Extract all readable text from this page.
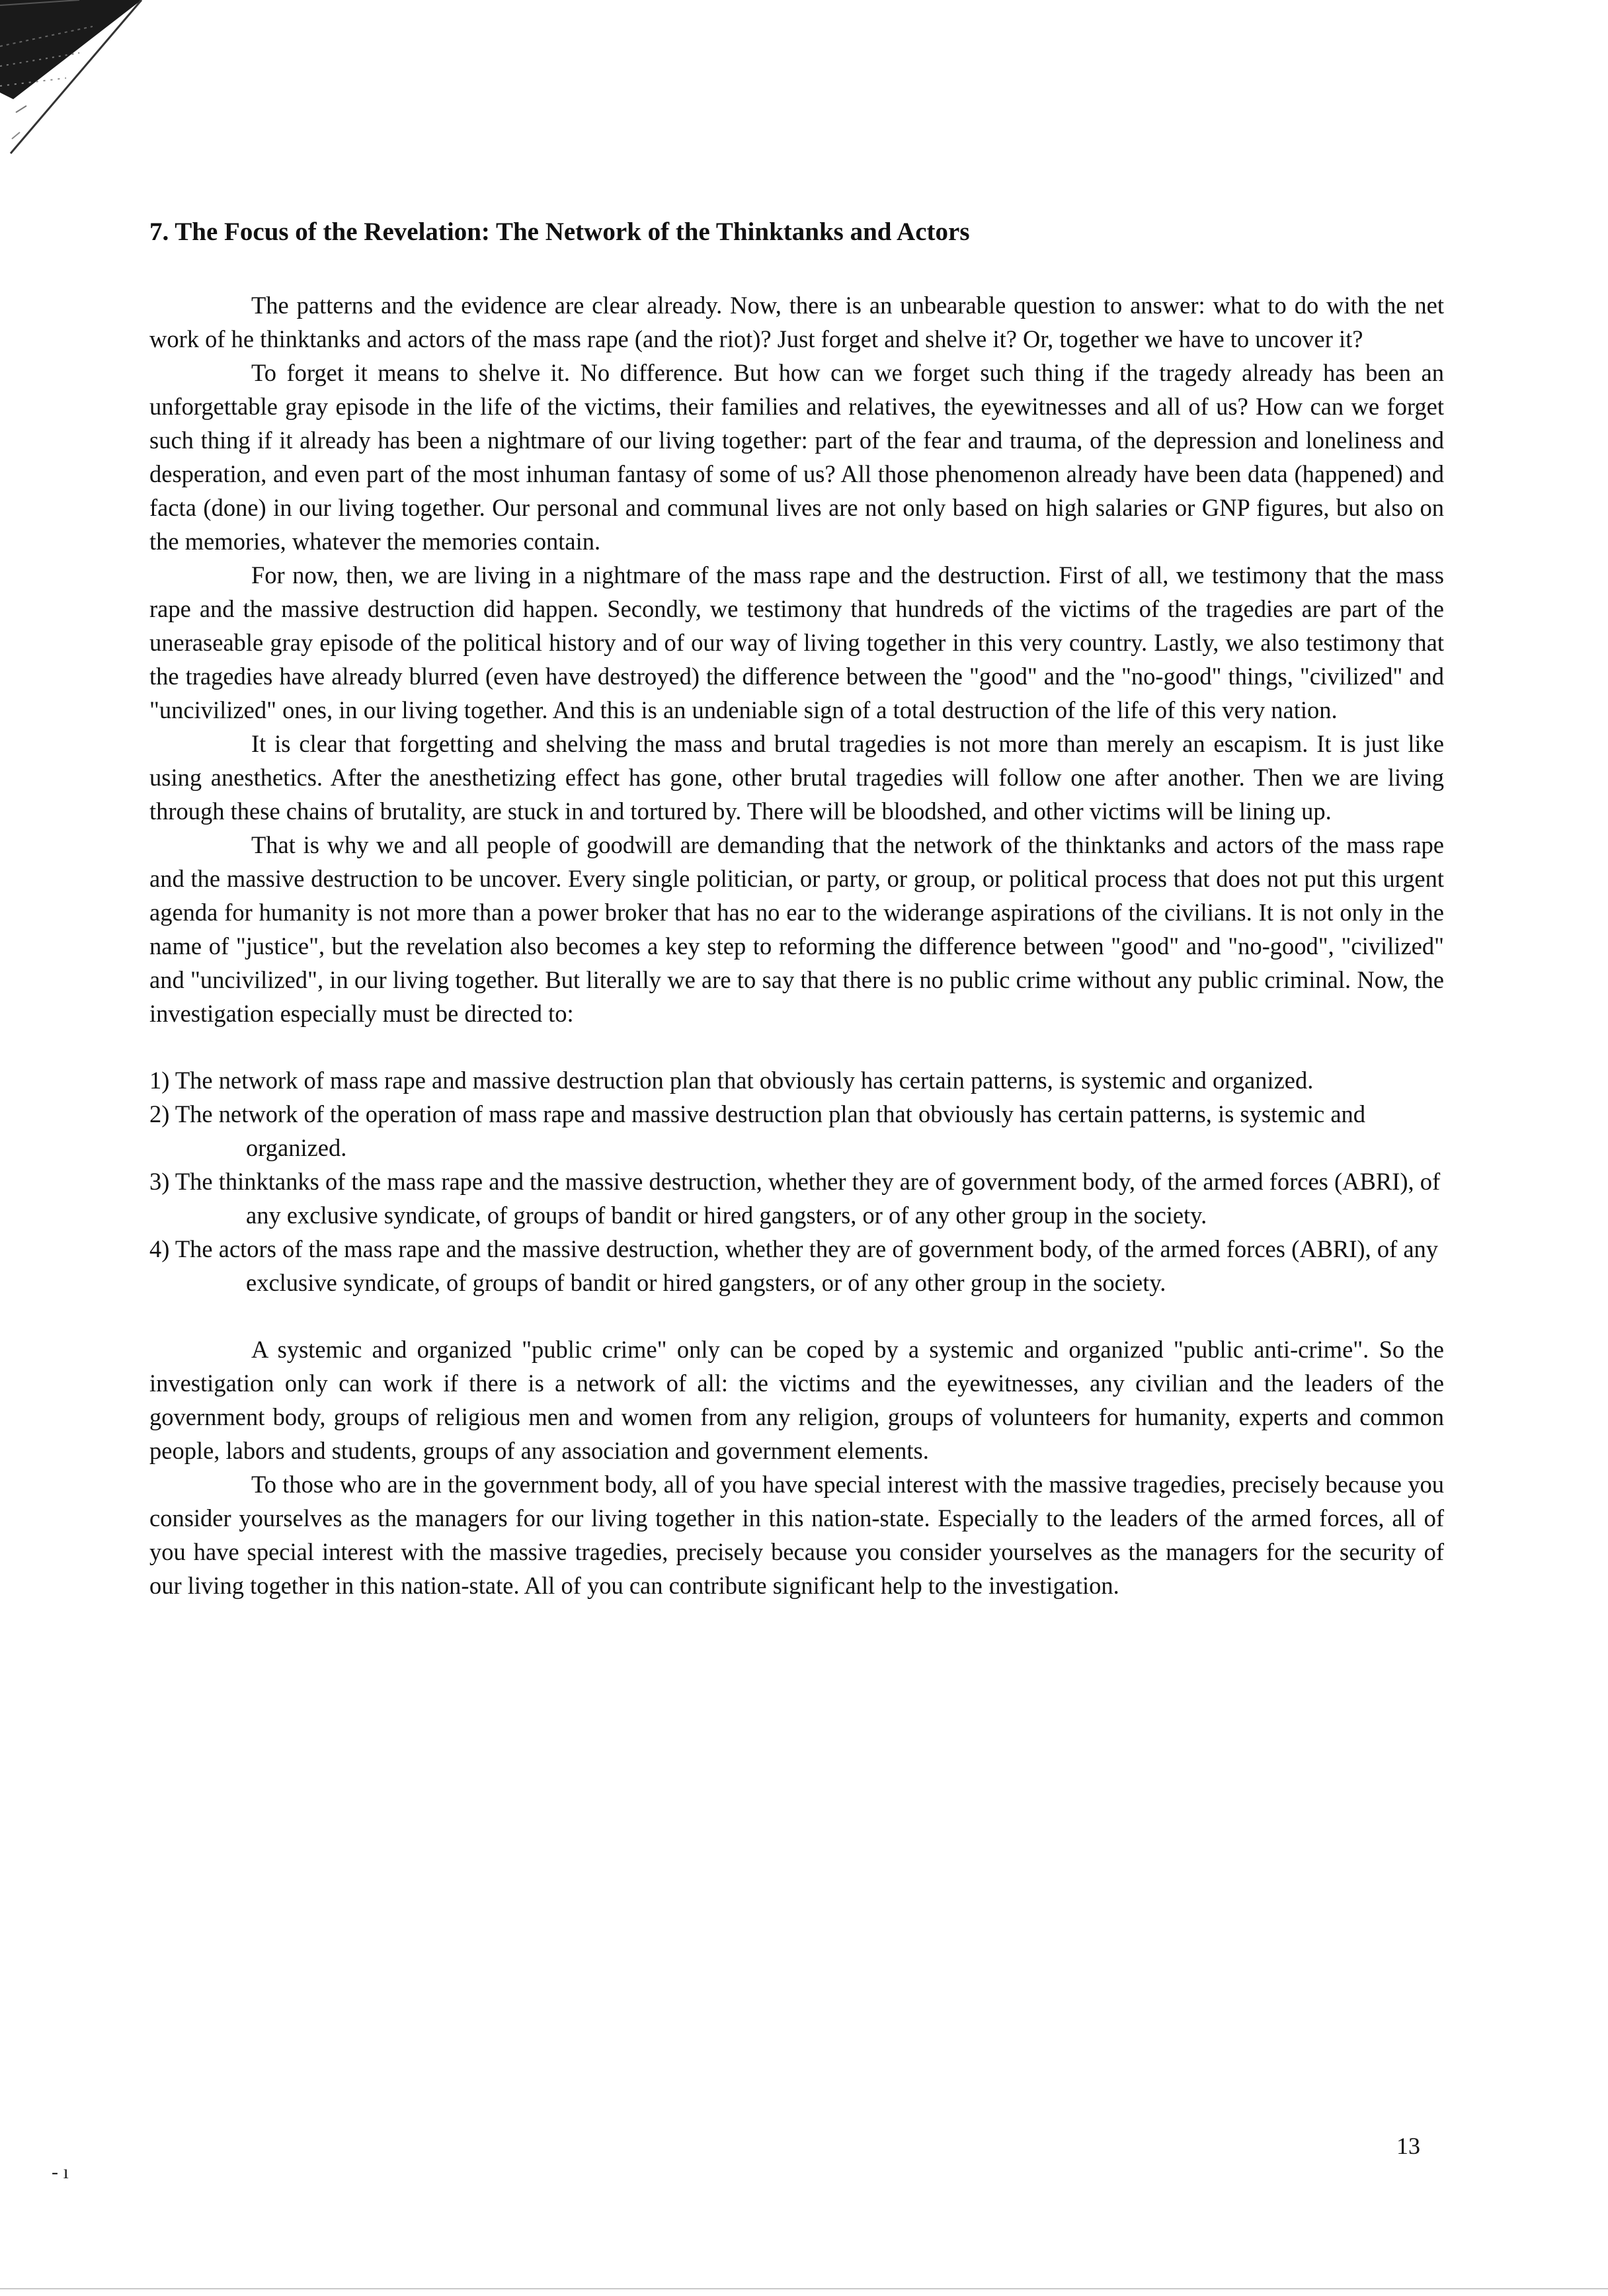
7. The Focus of the Revelation: The Network of the Thinktanks and Actors

The patterns and the evidence are clear already. Now, there is an unbearable question to answer: what to do with the net work of he thinktanks and actors of the mass rape (and the riot)? Just forget and shelve it? Or, together we have to uncover it?

To forget it means to shelve it. No difference. But how can we forget such thing if the tragedy already has been an unforgettable gray episode in the life of the victims, their families and relatives, the eyewitnesses and all of us? How can we forget such thing if it already has been a nightmare of our living together: part of the fear and trauma, of the depression and loneliness and desperation, and even part of the most inhuman fantasy of some of us? All those phenomenon already have been data (happened) and facta (done) in our living together. Our personal and communal lives are not only based on high salaries or GNP figures, but also on the memories, whatever the memories contain.

For now, then, we are living in a nightmare of the mass rape and the destruction. First of all, we testimony that the mass rape and the massive destruction did happen. Secondly, we testimony that hundreds of the victims of the tragedies are part of the uneraseable gray episode of the political history and of our way of living together in this very country. Lastly, we also testimony that the tragedies have already blurred (even have destroyed) the difference between the "good" and the "no-good" things, "civilized" and "uncivilized" ones, in our living together. And this is an undeniable sign of a total destruction of the life of this very nation.

It is clear that forgetting and shelving the mass and brutal tragedies is not more than merely an escapism. It is just like using anesthetics. After the anesthetizing effect has gone, other brutal tragedies will follow one after another. Then we are living through these chains of brutality, are stuck in and tortured by. There will be bloodshed, and other victims will be lining up.

That is why we and all people of goodwill are demanding that the network of the thinktanks and actors of the mass rape and the massive destruction to be uncover. Every single politician, or party, or group, or political process that does not put this urgent agenda for humanity is not more than a power broker that has no ear to the widerange aspirations of the civilians. It is not only in the name of "justice", but the revelation also becomes a key step to reforming the difference between "good" and "no-good", "civilized" and "uncivilized", in our living together. But literally we are to say that there is no public crime without any public criminal. Now, the investigation especially must be directed to:

1) The network of mass rape and massive destruction plan that obviously has certain patterns, is systemic and organized.
2) The network of the operation of mass rape and massive destruction plan that obviously has certain patterns, is systemic and organized.
3) The thinktanks of the mass rape and the massive destruction, whether they are of government body, of the armed forces (ABRI), of any exclusive syndicate, of groups of bandit or hired gangsters, or of any other group in the society.
4) The actors of the mass rape and the massive destruction, whether they are of government body, of the armed forces (ABRI), of any exclusive syndicate, of groups of bandit or hired gangsters, or of any other group in the society.

A systemic and organized "public crime" only can be coped by a systemic and organized "public anti-crime". So the investigation only can work if there is a network of all: the victims and the eyewitnesses, any civilian and the leaders of the government body, groups of religious men and women from any religion, groups of volunteers for humanity, experts and common people, labors and students, groups of any association and government elements.

To those who are in the government body, all of you have special interest with the massive tragedies, precisely because you consider yourselves as the managers for our living together in this nation-state. Especially to the leaders of the armed forces, all of you have special interest with the massive tragedies, precisely because you consider yourselves as the managers for the security of our living together in this nation-state. All of you can contribute significant help to the investigation.

13

- ı
